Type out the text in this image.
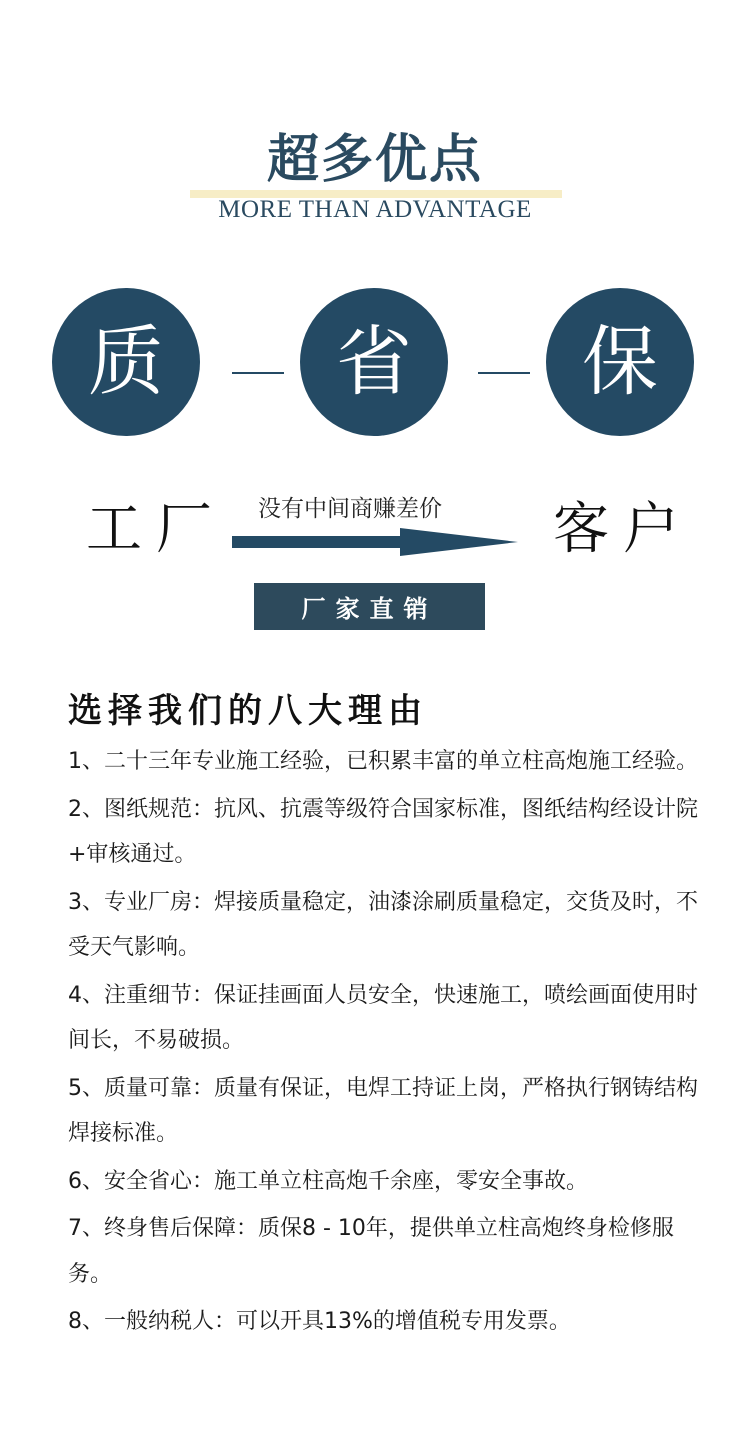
超多优点
MORE THAN ADVANTAGE
质 省 保
工厂 没有中间商赚差价 客户
厂家直销
选择我们的八大理由
1、二十三年专业施工经验，已积累丰富的单立柱高炮施工经验。
2、图纸规范：抗风、抗震等级符合国家标准，图纸结构经设计院+审核通过。
3、专业厂房：焊接质量稳定，油漆涂刷质量稳定，交货及时，不受天气影响。
4、注重细节：保证挂画面人员安全，快速施工，喷绘画面使用时间长，不易破损。
5、质量可靠：质量有保证，电焊工持证上岗，严格执行钢铸结构焊接标准。
6、安全省心：施工单立柱高炮千余座，零安全事故。
7、终身售后保障：质保8 - 10年，提供单立柱高炮终身检修服务。
8、一般纳税人：可以开具13%的增值税专用发票。
